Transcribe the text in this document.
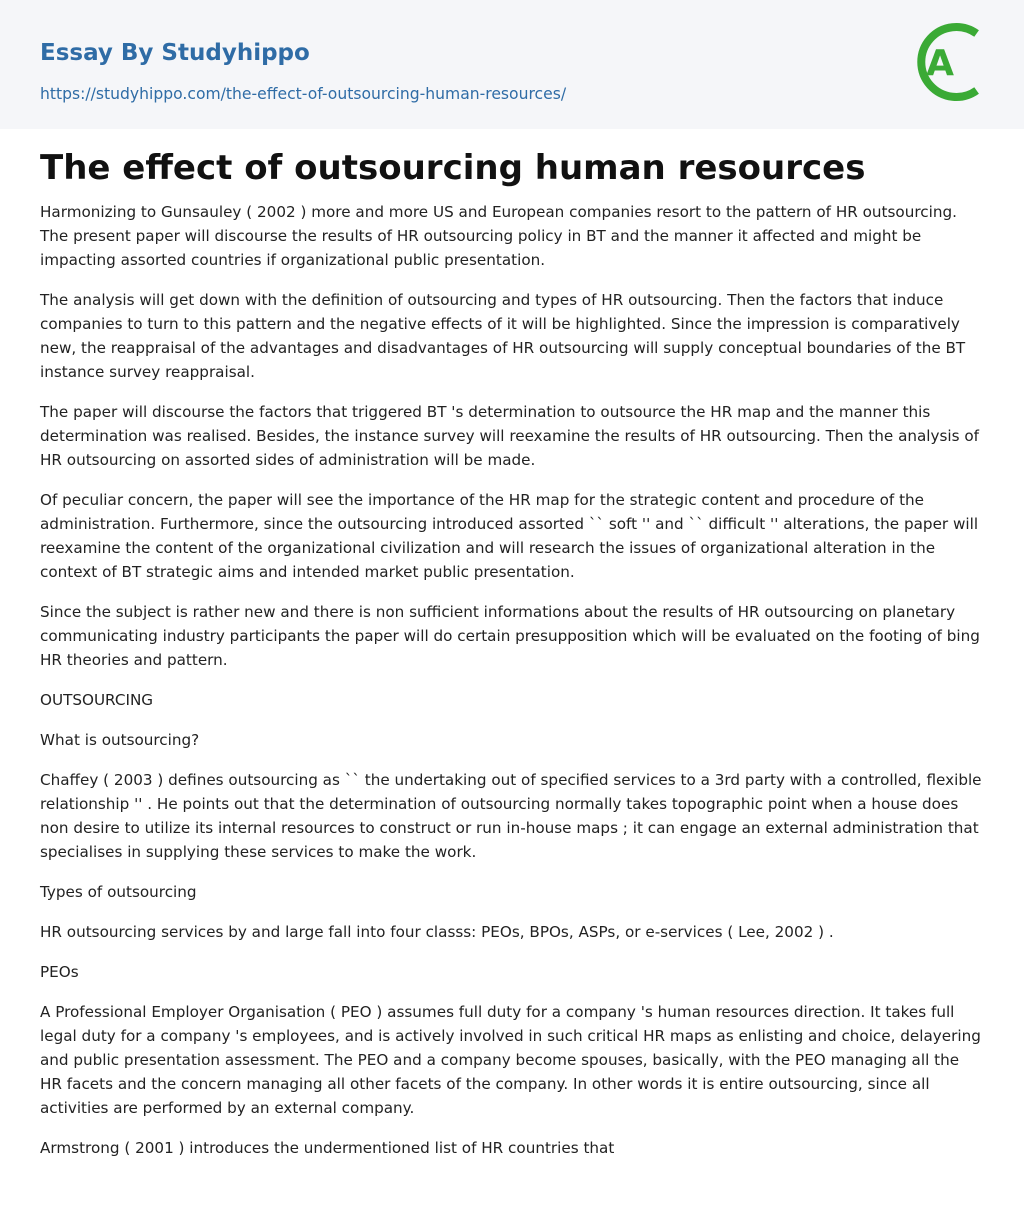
Essay By Studyhippo
https://studyhippo.com/the-effect-of-outsourcing-human-resources/
A
The effect of outsourcing human resources

Harmonizing to Gunsauley ( 2002 ) more and more US and European companies resort to the pattern of HR outsourcing. The present paper will discourse the results of HR outsourcing policy in BT and the manner it affected and might be impacting assorted countries if organizational public presentation.

The analysis will get down with the definition of outsourcing and types of HR outsourcing. Then the factors that induce companies to turn to this pattern and the negative effects of it will be highlighted. Since the impression is comparatively new, the reappraisal of the advantages and disadvantages of HR outsourcing will supply conceptual boundaries of the BT instance survey reappraisal.

The paper will discourse the factors that triggered BT 's determination to outsource the HR map and the manner this determination was realised. Besides, the instance survey will reexamine the results of HR outsourcing. Then the analysis of HR outsourcing on assorted sides of administration will be made.

Of peculiar concern, the paper will see the importance of the HR map for the strategic content and procedure of the administration. Furthermore, since the outsourcing introduced assorted `` soft '' and `` difficult '' alterations, the paper will reexamine the content of the organizational civilization and will research the issues of organizational alteration in the context of BT strategic aims and intended market public presentation.

Since the subject is rather new and there is non sufficient informations about the results of HR outsourcing on planetary communicating industry participants the paper will do certain presupposition which will be evaluated on the footing of bing HR theories and pattern.

OUTSOURCING

What is outsourcing?

Chaffey ( 2003 ) defines outsourcing as `` the undertaking out of specified services to a 3rd party with a controlled, flexible relationship '' . He points out that the determination of outsourcing normally takes topographic point when a house does non desire to utilize its internal resources to construct or run in-house maps ; it can engage an external administration that specialises in supplying these services to make the work.

Types of outsourcing

HR outsourcing services by and large fall into four classs: PEOs, BPOs, ASPs, or e-services ( Lee, 2002 ) .

PEOs

A Professional Employer Organisation ( PEO ) assumes full duty for a company 's human resources direction. It takes full legal duty for a company 's employees, and is actively involved in such critical HR maps as enlisting and choice, delayering and public presentation assessment. The PEO and a company become spouses, basically, with the PEO managing all the HR facets and the concern managing all other facets of the company. In other words it is entire outsourcing, since all activities are performed by an external company.

Armstrong ( 2001 ) introduces the undermentioned list of HR countries that
